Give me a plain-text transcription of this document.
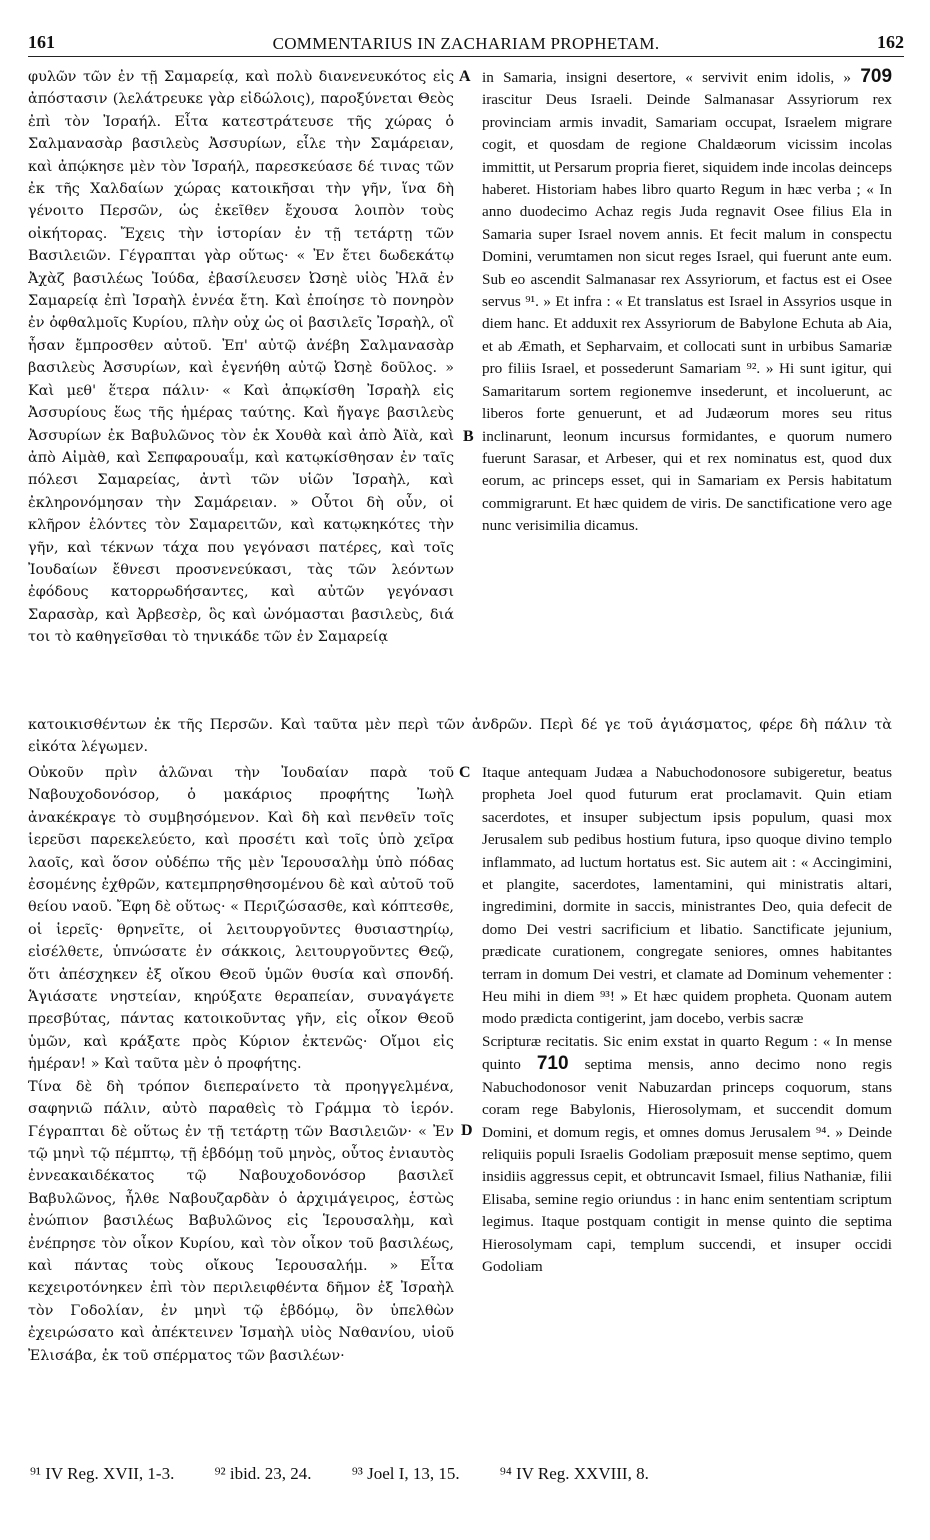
161	COMMENTARIUS IN ZACHARIAM PROPHETAM.	162

φυλῶν τῶν ἐν τῇ Σαμαρείᾳ, καὶ πολὺ διανενευκότος εἰς ἀπόστασιν (λελάτρευκε γὰρ εἰδώλοις), παροξύνεται Θεὸς ἐπὶ τὸν Ἰσραήλ. Εἶτα κατεστράτευσε τῆς χώρας ὁ Σαλμανασὰρ βασιλεὺς Ἀσσυρίων, εἷλε τὴν Σαμάρειαν, καὶ ἀπῴκησε μὲν τὸν Ἰσραήλ, παρεσκεύασε δέ τινας τῶν ἐκ τῆς Χαλδαίων χώρας κατοικῆσαι τὴν γῆν, ἵνα δὴ γένοιτο Περσῶν, ὡς ἐκεῖθεν ἔχουσα λοιπὸν τοὺς οἰκήτορας. Ἔχεις τὴν ἱστορίαν ἐν τῇ τετάρτῃ τῶν Βασιλειῶν. Γέγραπται γὰρ οὕτως· « Ἐν ἔτει δωδεκάτῳ Ἀχὰζ βασιλέως Ἰούδα, ἐβασίλευσεν Ὠσηὲ υἱὸς Ἠλᾶ ἐν Σαμαρείᾳ ἐπὶ Ἰσραὴλ ἐννέα ἔτη. Καὶ ἐποίησε τὸ πονηρὸν ἐν ὀφθαλμοῖς Κυρίου, πλὴν οὐχ ὡς οἱ βασιλεῖς Ἰσραὴλ, οἳ ἦσαν ἔμπροσθεν αὐτοῦ. Ἐπ' αὐτῷ ἀνέβη Σαλμανασὰρ βασιλεὺς Ἀσσυρίων, καὶ ἐγενήθη αὐτῷ Ὠσηὲ δοῦλος. » Καὶ μεθ' ἕτερα πάλιν· « Καὶ ἀπῳκίσθη Ἰσραὴλ εἰς Ἀσσυρίους ἕως τῆς ἡμέρας ταύτης. Καὶ ἤγαγε βασιλεὺς Ἀσσυρίων ἐκ Βαβυλῶνος τὸν ἐκ Χουθὰ καὶ ἀπὸ Ἀϊὰ, καὶ ἀπὸ Αἰμὰθ, καὶ Σεπφαρουαΐμ, καὶ κατῳκίσθησαν ἐν ταῖς πόλεσι Σαμαρείας, ἀντὶ τῶν υἱῶν Ἰσραὴλ, καὶ ἐκληρονόμησαν τὴν Σαμάρειαν. » Οὗτοι δὴ οὖν, οἱ κλῆρον ἑλόντες τὸν Σαμαρειτῶν, καὶ κατῳκηκότες τὴν γῆν, καὶ τέκνων τάχα που γεγόνασι πατέρες, καὶ τοῖς Ἰουδαίων ἔθνεσι προσνενεύκασι, τὰς τῶν λεόντων ἐφόδους κατορρωδήσαντες, καὶ αὐτῶν γεγόνασι Σαρασὰρ, καὶ Ἀρβεσὲρ, ὃς καὶ ὠνόμασται βασιλεὺς, διά τοι τὸ καθηγεῖσθαι τὸ τηνικάδε τῶν ἐν Σαμαρείᾳ

in Samaria, insigni desertore, « servivit enim idolis, » 709 irascitur Deus Israeli. Deinde Salmanasar Assyriorum rex provinciam armis invadit, Samariam occupat, Israelem migrare cogit, et quosdam de regione Chaldæorum vicissim incolas immittit, ut Persarum propria fieret, siquidem inde incolas deinceps haberet. Historiam habes libro quarto Regum in hæc verba ; « In anno duodecimo Achaz regis Juda regnavit Osee filius Ela in Samaria super Israel novem annis. Et fecit malum in conspectu Domini, verumtamen non sicut reges Israel, qui fuerunt ante eum. Sub eo ascendit Salmanasar rex Assyriorum, et factus est ei Osee servus ⁹¹. » Et infra : « Et translatus est Israel in Assyrios usque in diem hanc. Et adduxit rex Assyriorum de Babylone Echuta ab Aia, et ab Æmath, et Sepharvaim, et collocati sunt in urbibus Samariæ pro filiis Israel, et possederunt Samariam ⁹². » Hi sunt igitur, qui Samaritarum sortem regionemve insederunt, et incoluerunt, ac liberos forte genuerunt, et ad Judæorum mores seu ritus inclinarunt, leonum incursus formidantes, e quorum numero fuerunt Sarasar, et Arbeser, qui et rex nominatus est, quod dux eorum, ac princeps esset, qui in Samariam ex Persis habitatum commigrarunt. Et hæc quidem de viris. De sanctificatione vero age nunc verisimilia dicamus.

κατοικισθέντων ἐκ τῆς Περσῶν. Καὶ ταῦτα μὲν περὶ τῶν ἀνδρῶν. Περὶ δέ γε τοῦ ἁγιάσματος, φέρε δὴ πάλιν τὰ εἰκότα λέγωμεν.

Οὐκοῦν πρὶν ἁλῶναι τὴν Ἰουδαίαν παρὰ τοῦ Ναβουχοδονόσορ, ὁ μακάριος προφήτης Ἰωὴλ ἀνακέκραγε τὸ συμβησόμενον. Καὶ δὴ καὶ πενθεῖν τοῖς ἱερεῦσι παρεκελεύετο, καὶ προσέτι καὶ τοῖς ὑπὸ χεῖρα λαοῖς, καὶ ὅσον οὐδέπω τῆς μὲν Ἱερουσαλὴμ ὑπὸ πόδας ἐσομένης ἐχθρῶν, κατεμπρησθησομένου δὲ καὶ αὐτοῦ τοῦ θείου ναοῦ. Ἔφη δὲ οὕτως· « Περιζώσασθε, καὶ κόπτεσθε, οἱ ἱερεῖς· θρηνεῖτε, οἱ λειτουργοῦντες θυσιαστηρίῳ, εἰσέλθετε, ὑπνώσατε ἐν σάκκοις, λειτουργοῦντες Θεῷ, ὅτι ἀπέσχηκεν ἐξ οἴκου Θεοῦ ὑμῶν θυσία καὶ σπονδή. Ἁγιάσατε νηστείαν, κηρύξατε θεραπείαν, συναγάγετε πρεσβύτας, πάντας κατοικοῦντας γῆν, εἰς οἶκον Θεοῦ ὑμῶν, καὶ κράξατε πρὸς Κύριον ἐκτενῶς· Οἴμοι εἰς ἡμέραν! » Καὶ ταῦτα μὲν ὁ προφήτης.
Τίνα δὲ δὴ τρόπον διεπεραίνετο τὰ προηγγελμένα, σαφηνιῶ πάλιν, αὐτὸ παραθεὶς τὸ Γράμμα τὸ ἱερόν. Γέγραπται δὲ οὕτως ἐν τῇ τετάρτῃ τῶν Βασιλειῶν· « Ἐν τῷ μηνὶ τῷ πέμπτῳ, τῇ ἑβδόμῃ τοῦ μηνὸς, οὗτος ἐνιαυτὸς ἐννεακαιδέκατος τῷ Ναβουχοδονόσορ βασιλεῖ Βαβυλῶνος, ἦλθε Ναβουζαρδὰν ὁ ἀρχιμάγειρος, ἑστὼς ἐνώπιον βασιλέως Βαβυλῶνος εἰς Ἱερουσαλὴμ, καὶ ἐνέπρησε τὸν οἶκον Κυρίου, καὶ τὸν οἶκον τοῦ βασιλέως, καὶ πάντας τοὺς οἴκους Ἱερουσαλήμ. » Εἶτα κεχειροτόνηκεν ἐπὶ τὸν περιλειφθέντα δῆμον ἐξ Ἰσραὴλ τὸν Γοδολίαν, ἐν μηνὶ τῷ ἑβδόμῳ, ὃν ὑπελθὼν ἐχειρώσατο καὶ ἀπέκτεινεν Ἰσμαὴλ υἱὸς Ναθανίου, υἱοῦ Ἐλισάβα, ἐκ τοῦ σπέρματος τῶν βασιλέων·
Itaque antequam Judæa a Nabuchodonosore subigeretur, beatus propheta Joel quod futurum erat proclamavit. Quin etiam sacerdotes, et insuper subjectum ipsis populum, quasi mox Jerusalem sub pedibus hostium futura, ipso quoque divino templo inflammato, ad luctum hortatus est. Sic autem ait : « Accingimini, et plangite, sacerdotes, lamentamini, qui ministratis altari, ingredimini, dormite in saccis, ministrantes Deo, quia defecit de domo Dei vestri sacrificium et libatio. Sanctificate jejunium, prædicate curationem, congregate seniores, omnes habitantes terram in domum Dei vestri, et clamate ad Dominum vehementer : Heu mihi in diem ⁹³! » Et hæc quidem propheta. Quonam autem modo prædicta contigerint, jam docebo, verbis sacræ
Scripturæ recitatis. Sic enim exstat in quarto Regum : « In mense quinto 710 septima mensis, anno decimo nono regis Nabuchodonosor venit Nabuzardan princeps coquorum, stans coram rege Babylonis, Hierosolymam, et succendit domum Domini, et domum regis, et omnes domus Jerusalem ⁹⁴. » Deinde reliquiis populi Israelis Godoliam præposuit mense septimo, quem insidiis aggressus cepit, et obtruncavit Ismael, filius Nathaniæ, filii Elisaba, semine regio oriundus : in hanc enim sententiam scriptum legimus. Itaque postquam contigit in mense quinto die septima Hierosolymam capi, templum succendi, et insuper occidi Godoliam
A
B
C
D
⁹¹ IV Reg. XVII, 1-3. ⁹² ibid. 23, 24. ⁹³ Joel I, 13, 15. ⁹⁴ IV Reg. XXVIII, 8.
